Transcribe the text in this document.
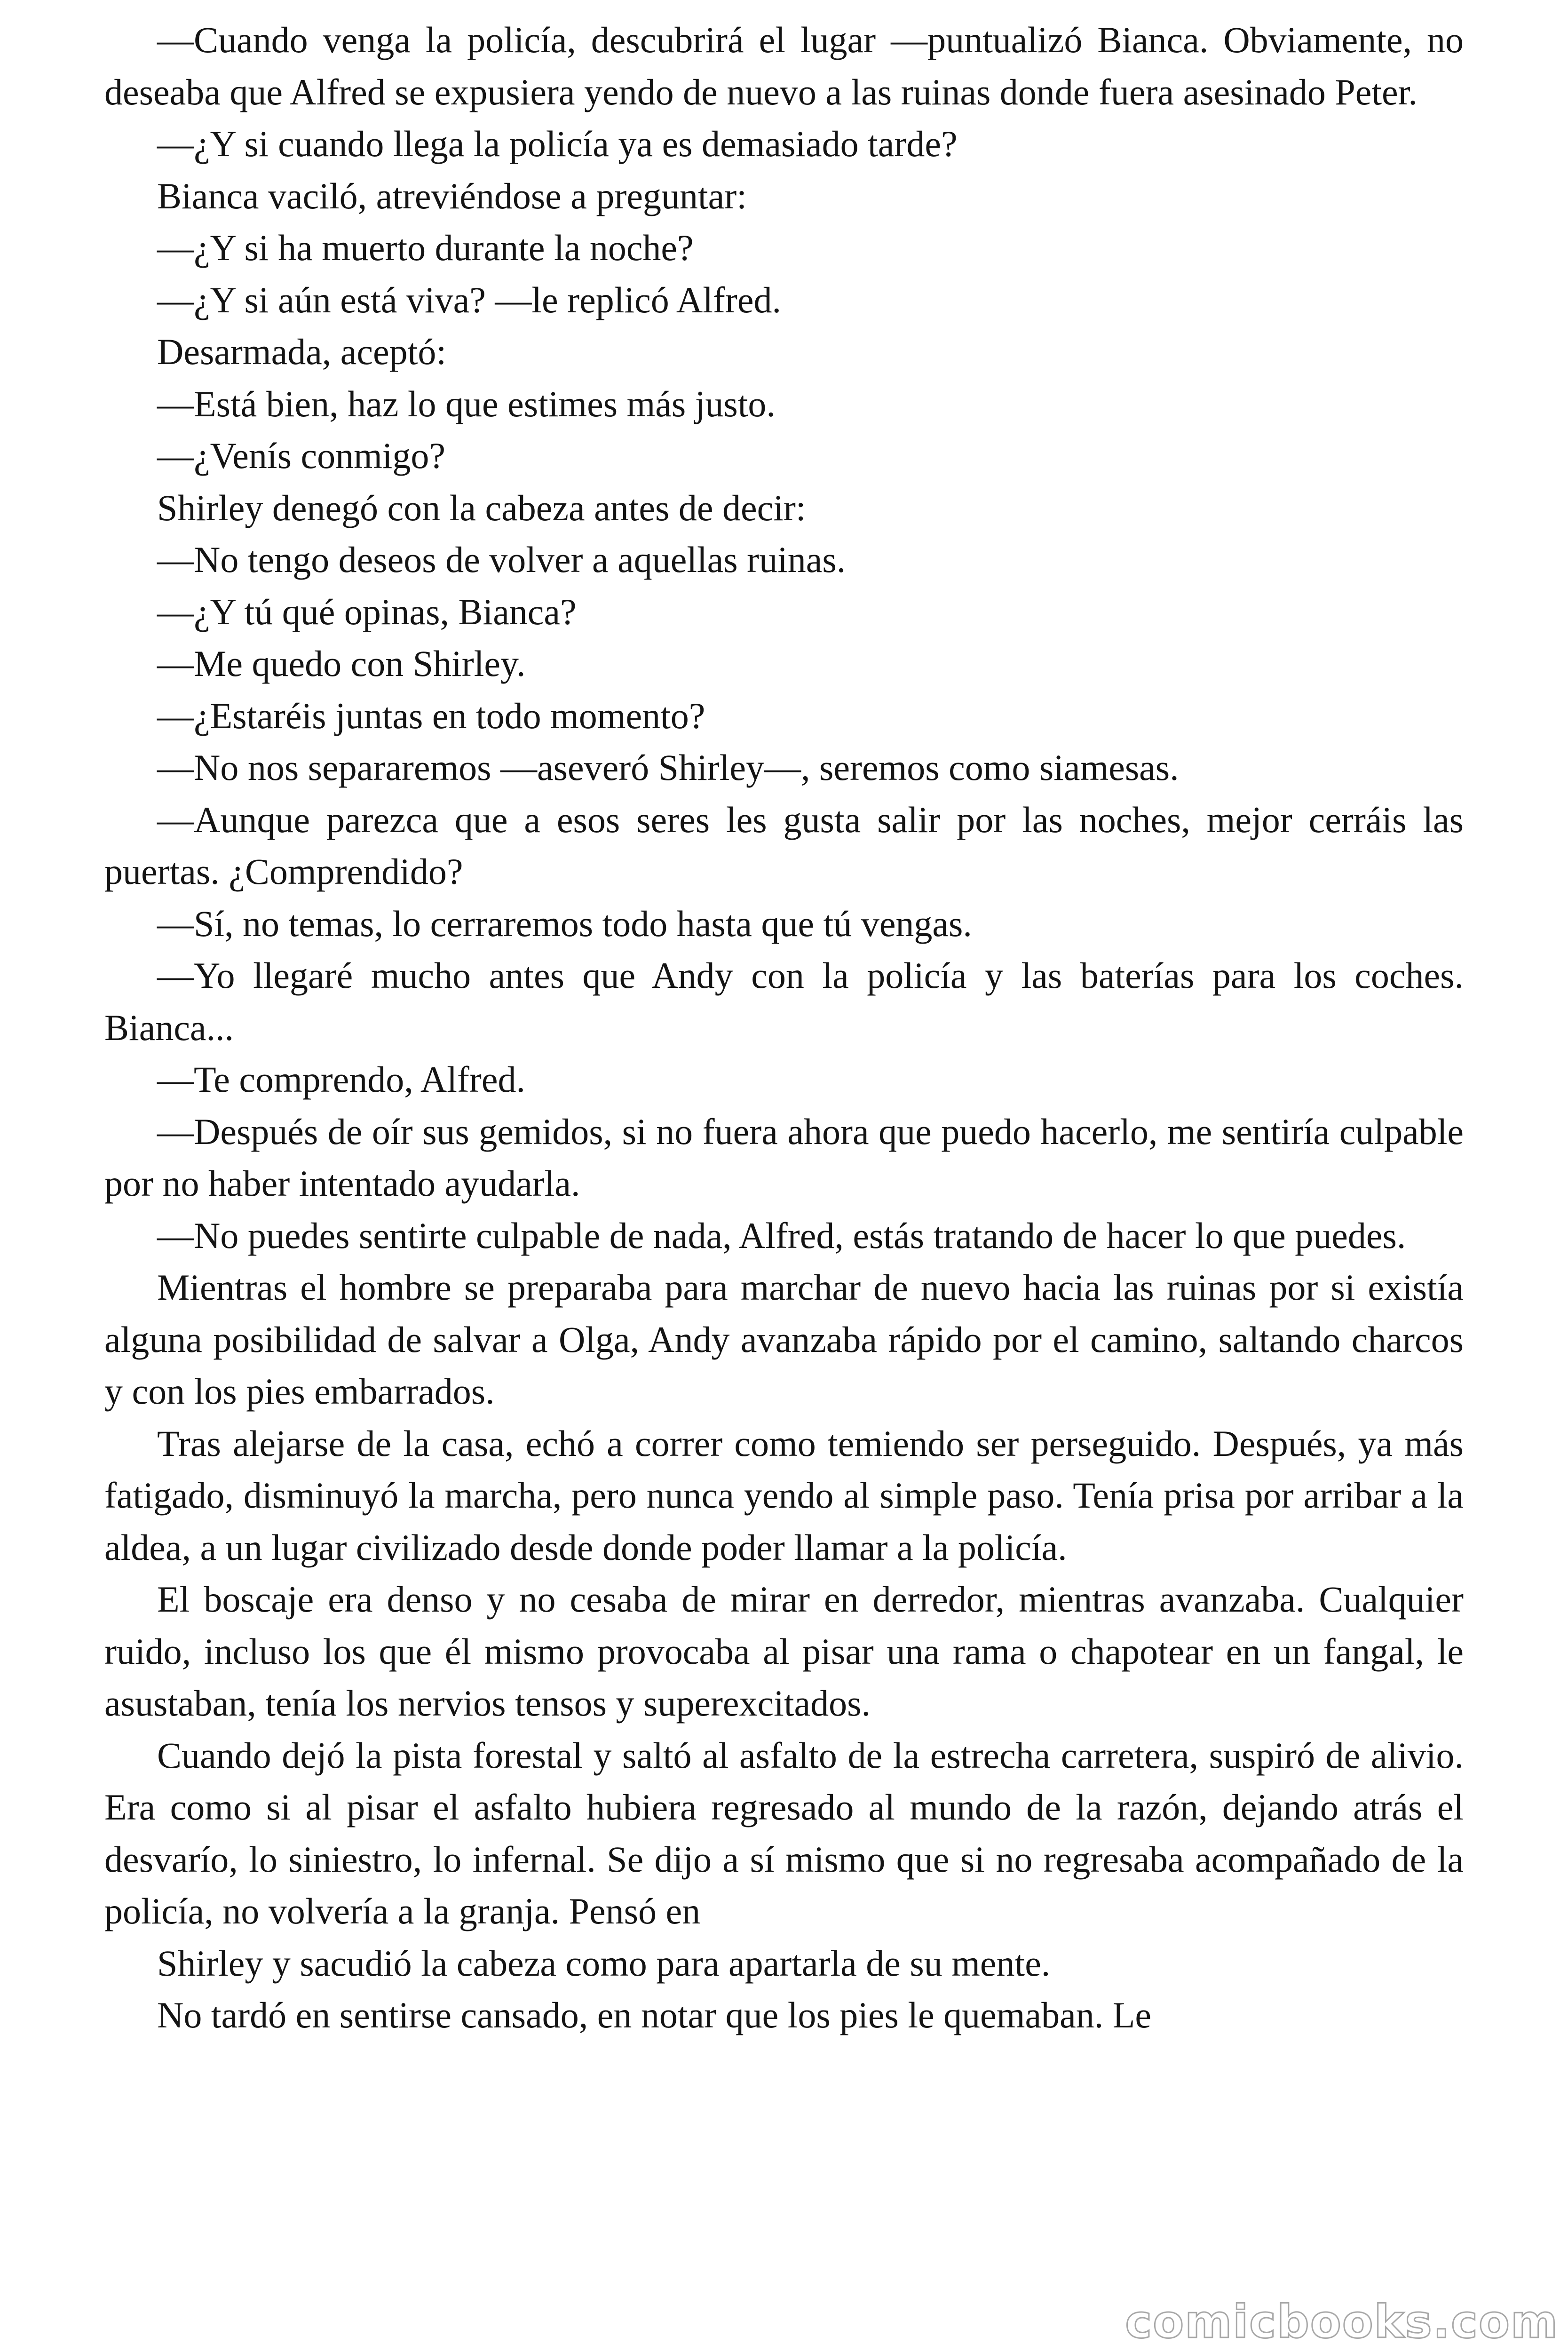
—Cuando venga la policía, descubrirá el lugar —puntualizó Bianca. Obviamente, no deseaba que Alfred se expusiera yendo de nuevo a las ruinas donde fuera asesinado Peter.

—¿Y si cuando llega la policía ya es demasiado tarde?

Bianca vaciló, atreviéndose a preguntar:

—¿Y si ha muerto durante la noche?

—¿Y si aún está viva? —le replicó Alfred.

Desarmada, aceptó:

—Está bien, haz lo que estimes más justo.

—¿Venís conmigo?

Shirley denegó con la cabeza antes de decir:

—No tengo deseos de volver a aquellas ruinas.

—¿Y tú qué opinas, Bianca?

—Me quedo con Shirley.

—¿Estaréis juntas en todo momento?

—No nos separaremos —aseveró Shirley—, seremos como siamesas.

—Aunque parezca que a esos seres les gusta salir por las noches, mejor cerráis las puertas. ¿Comprendido?

—Sí, no temas, lo cerraremos todo hasta que tú vengas.

—Yo llegaré mucho antes que Andy con la policía y las baterías para los coches. Bianca...

—Te comprendo, Alfred.

—Después de oír sus gemidos, si no fuera ahora que puedo hacerlo, me sentiría culpable por no haber intentado ayudarla.

—No puedes sentirte culpable de nada, Alfred, estás tratando de hacer lo que puedes.

Mientras el hombre se preparaba para marchar de nuevo hacia las ruinas por si existía alguna posibilidad de salvar a Olga, Andy avanzaba rápido por el camino, saltando charcos y con los pies embarrados.

Tras alejarse de la casa, echó a correr como temiendo ser perseguido. Después, ya más fatigado, disminuyó la marcha, pero nunca yendo al simple paso. Tenía prisa por arribar a la aldea, a un lugar civilizado desde donde poder llamar a la policía.

El boscaje era denso y no cesaba de mirar en derredor, mientras avanzaba. Cualquier ruido, incluso los que él mismo provocaba al pisar una rama o chapotear en un fangal, le asustaban, tenía los nervios tensos y superexcitados.

Cuando dejó la pista forestal y saltó al asfalto de la estrecha carretera, suspiró de alivio. Era como si al pisar el asfalto hubiera regresado al mundo de la razón, dejando atrás el desvarío, lo siniestro, lo infernal. Se dijo a sí mismo que si no regresaba acompañado de la policía, no volvería a la granja. Pensó en

Shirley y sacudió la cabeza como para apartarla de su mente.

No tardó en sentirse cansado, en notar que los pies le quemaban. Le

comicbooks.com
